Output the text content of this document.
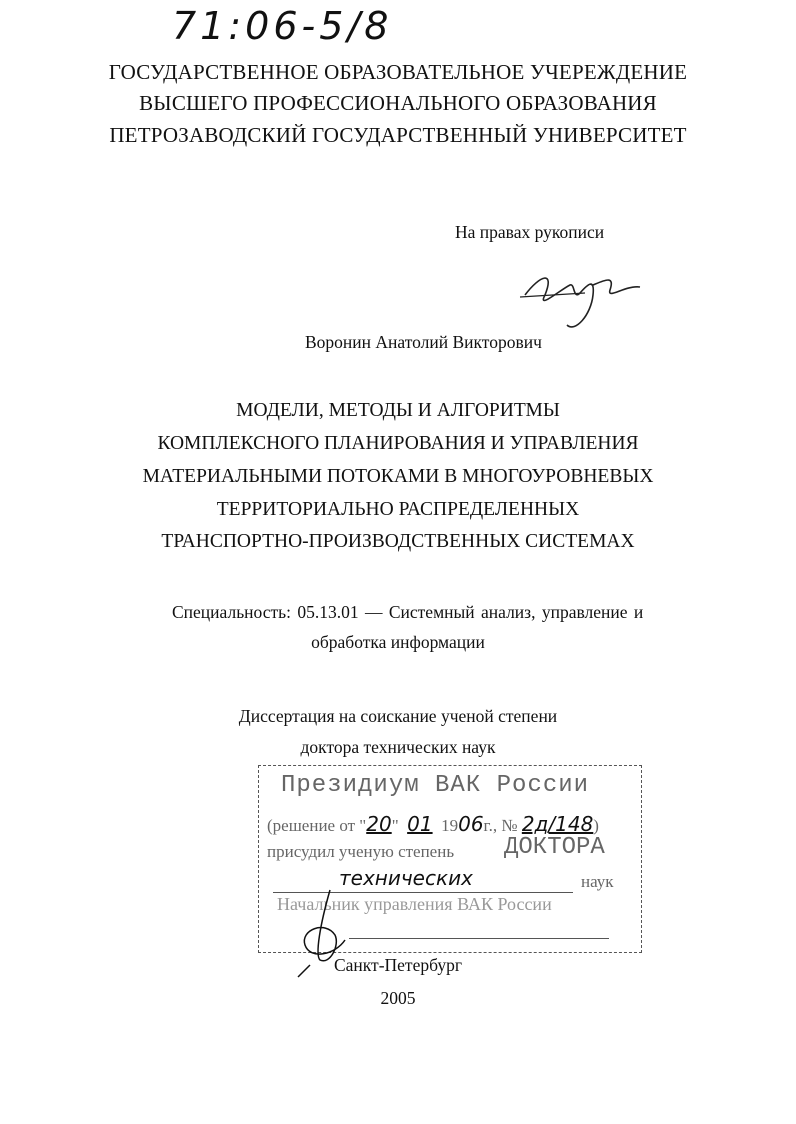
71:06-5/8
ГОСУДАРСТВЕННОЕ ОБРАЗОВАТЕЛЬНОЕ УЧЕРЕЖДЕНИЕ
ВЫСШЕГО ПРОФЕССИОНАЛЬНОГО ОБРАЗОВАНИЯ
ПЕТРОЗАВОДСКИЙ ГОСУДАРСТВЕННЫЙ УНИВЕРСИТЕТ
На правах рукописи
Воронин Анатолий Викторович
МОДЕЛИ, МЕТОДЫ И АЛГОРИТМЫ
КОМПЛЕКСНОГО ПЛАНИРОВАНИЯ И УПРАВЛЕНИЯ
МАТЕРИАЛЬНЫМИ ПОТОКАМИ В МНОГОУРОВНЕВЫХ
ТЕРРИТОРИАЛЬНО РАСПРЕДЕЛЕННЫХ
ТРАНСПОРТНО-ПРОИЗВОДСТВЕННЫХ СИСТЕМАХ
Специальность: 05.13.01 — Системный анализ, управление и
обработка информации
Диссертация на соискание ученой степени
доктора технических наук
Президиум ВАК России
(решение от "20" 01 1906г., № 2д/148)
присудил ученую степень ДОКТОРА
технических	наук
Начальник управления ВАК России
Санкт-Петербург
2005
